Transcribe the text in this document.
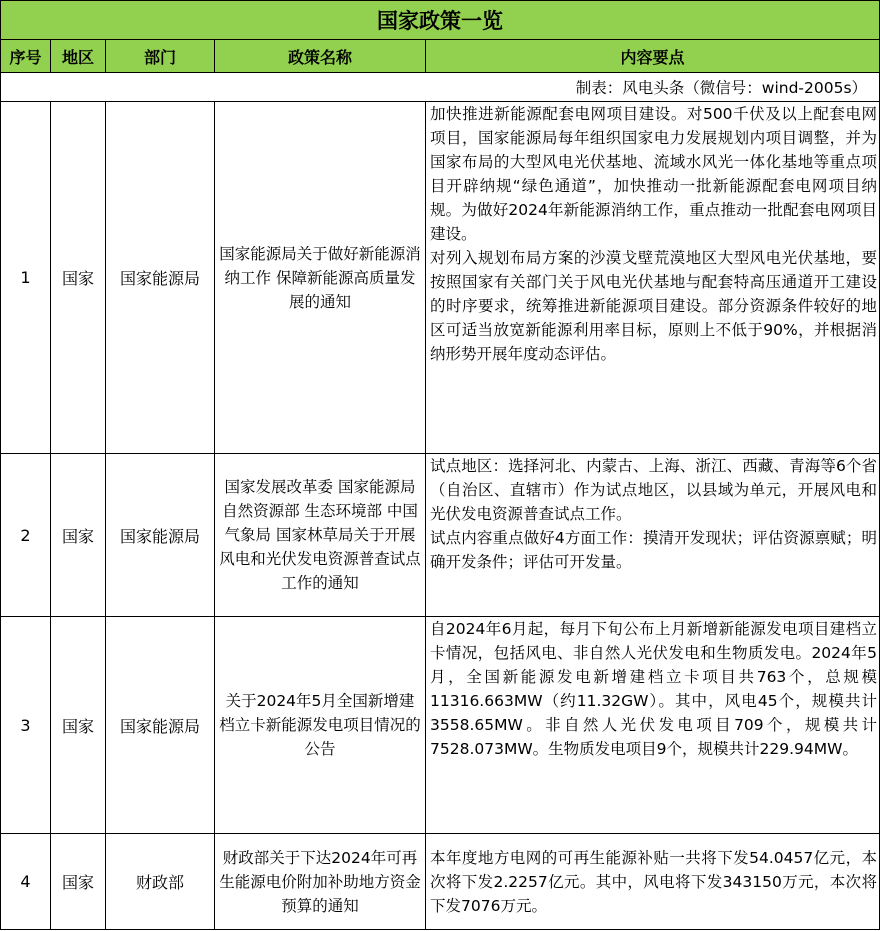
国家政策一览				
序号	地区	部门	政策名称	内容要点
制表：风电头条（微信号：wind-2005s）				
1	国家	国家能源局	国家能源局关于做好新能源消纳工作 保障新能源高质量发展的通知	加快推进新能源配套电网项目建设。对500千伏及以上配套电网项目，国家能源局每年组织国家电力发展规划内项目调整，并为国家布局的大型风电光伏基地、流域水风光一体化基地等重点项目开辟纳规“绿色通道”，加快推动一批新能源配套电网项目纳规。为做好2024年新能源消纳工作，重点推动一批配套电网项目建设。

对列入规划布局方案的沙漠戈壁荒漠地区大型风电光伏基地，要按照国家有关部门关于风电光伏基地与配套特高压通道开工建设的时序要求，统筹推进新能源项目建设。部分资源条件较好的地区可适当放宽新能源利用率目标，原则上不低于90%，并根据消纳形势开展年度动态评估。

2	国家	国家能源局	国家发展改革委 国家能源局 自然资源部 生态环境部 中国气象局 国家林草局关于开展风电和光伏发电资源普查试点工作的通知	试点地区：选择河北、内蒙古、上海、浙江、西藏、青海等6个省（自治区、直辖市）作为试点地区，以县域为单元，开展风电和光伏发电资源普查试点工作。

试点内容重点做好4方面工作：摸清开发现状；评估资源禀赋；明确开发条件；评估可开发量。

3	国家	国家能源局	关于2024年5月全国新增建档立卡新能源发电项目情况的公告	自2024年6月起，每月下旬公布上月新增新能源发电项目建档立卡情况，包括风电、非自然人光伏发电和生物质发电。2024年5月，全国新能源发电新增建档立卡项目共763个，总规模11316.663MW（约11.32GW）。其中，风电45个，规模共计3558.65MW。非自然人光伏发电项目709个，规模共计7528.073MW。生物质发电项目9个，规模共计229.94MW。

4	国家	财政部	财政部关于下达2024年可再生能源电价附加补助地方资金预算的通知	本年度地方电网的可再生能源补贴一共将下发54.0457亿元，本次将下发2.2257亿元。其中，风电将下发343150万元，本次将下发7076万元。
